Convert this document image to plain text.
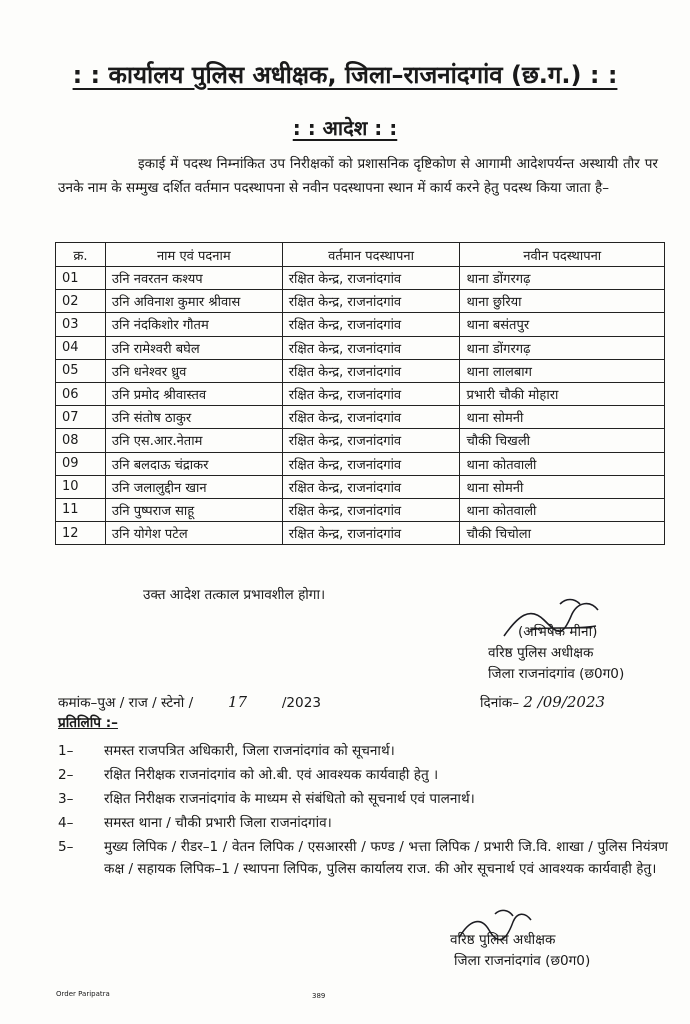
: : कार्यालय पुलिस अधीक्षक, जिला–राजनांदगांव (छ.ग.) : :
: : आदेश : :

इकाई में पदस्थ निम्नांकित उप निरीक्षकों को प्रशासनिक दृष्टिकोण से आगामी आदेशपर्यन्त अस्थायी तौर पर उनके नाम के सम्मुख दर्शित वर्तमान पदस्थापना से नवीन पदस्थापना स्थान में कार्य करने हेतु पदस्थ किया जाता है–

क्र.	नाम एवं पदनाम	वर्तमान पदस्थापना	नवीन पदस्थापना
01	उनि नवरतन कश्यप	रक्षित केन्द्र, राजनांदगांव	थाना डोंगरगढ़
02	उनि अविनाश कुमार श्रीवास	रक्षित केन्द्र, राजनांदगांव	थाना छुरिया
03	उनि नंदकिशोर गौतम	रक्षित केन्द्र, राजनांदगांव	थाना बसंतपुर
04	उनि रामेश्वरी बघेल	रक्षित केन्द्र, राजनांदगांव	थाना डोंगरगढ़
05	उनि धनेश्वर ध्रुव	रक्षित केन्द्र, राजनांदगांव	थाना लालबाग
06	उनि प्रमोद श्रीवास्तव	रक्षित केन्द्र, राजनांदगांव	प्रभारी चौकी मोहारा
07	उनि संतोष ठाकुर	रक्षित केन्द्र, राजनांदगांव	थाना सोमनी
08	उनि एस.आर.नेताम	रक्षित केन्द्र, राजनांदगांव	चौकी चिखली
09	उनि बलदाऊ चंद्राकर	रक्षित केन्द्र, राजनांदगांव	थाना कोतवाली
10	उनि जलालुद्दीन खान	रक्षित केन्द्र, राजनांदगांव	थाना सोमनी
11	उनि पुष्पराज साहू	रक्षित केन्द्र, राजनांदगांव	थाना कोतवाली
12	उनि योगेश पटेल	रक्षित केन्द्र, राजनांदगांव	चौकी चिचोला
उक्त आदेश तत्काल प्रभावशील होगा।
(अभिषेक मीना)
वरिष्ठ पुलिस अधीक्षक
जिला राजनांदगांव (छ0ग0)
कमांक–पुअ / राज / स्टेनो / 17	/2023	दिनांक– 2 /09/2023
प्रतिलिपि :–
1–	समस्त राजपत्रित अधिकारी, जिला राजनांदगांव को सूचनार्थ।
2–	रक्षित निरीक्षक राजनांदगांव को ओ.बी. एवं आवश्यक कार्यवाही हेतु ।
3–	रक्षित निरीक्षक राजनांदगांव के माध्यम से संबंधितो को सूचनार्थ एवं पालनार्थ।
4–	समस्त थाना / चौकी प्रभारी जिला राजनांदगांव।
5–	मुख्य लिपिक / रीडर–1 / वेतन लिपिक / एसआरसी / फण्ड / भत्ता लिपिक / प्रभारी जि.वि. शाखा / पुलिस नियंत्रण कक्ष / सहायक लिपिक–1 / स्थापना लिपिक, पुलिस कार्यालय राज. की ओर सूचनार्थ एवं आवश्यक कार्यवाही हेतु।
वरिष्ठ पुलिस अधीक्षक
जिला राजनांदगांव (छ0ग0)
Order Paripatra	389
